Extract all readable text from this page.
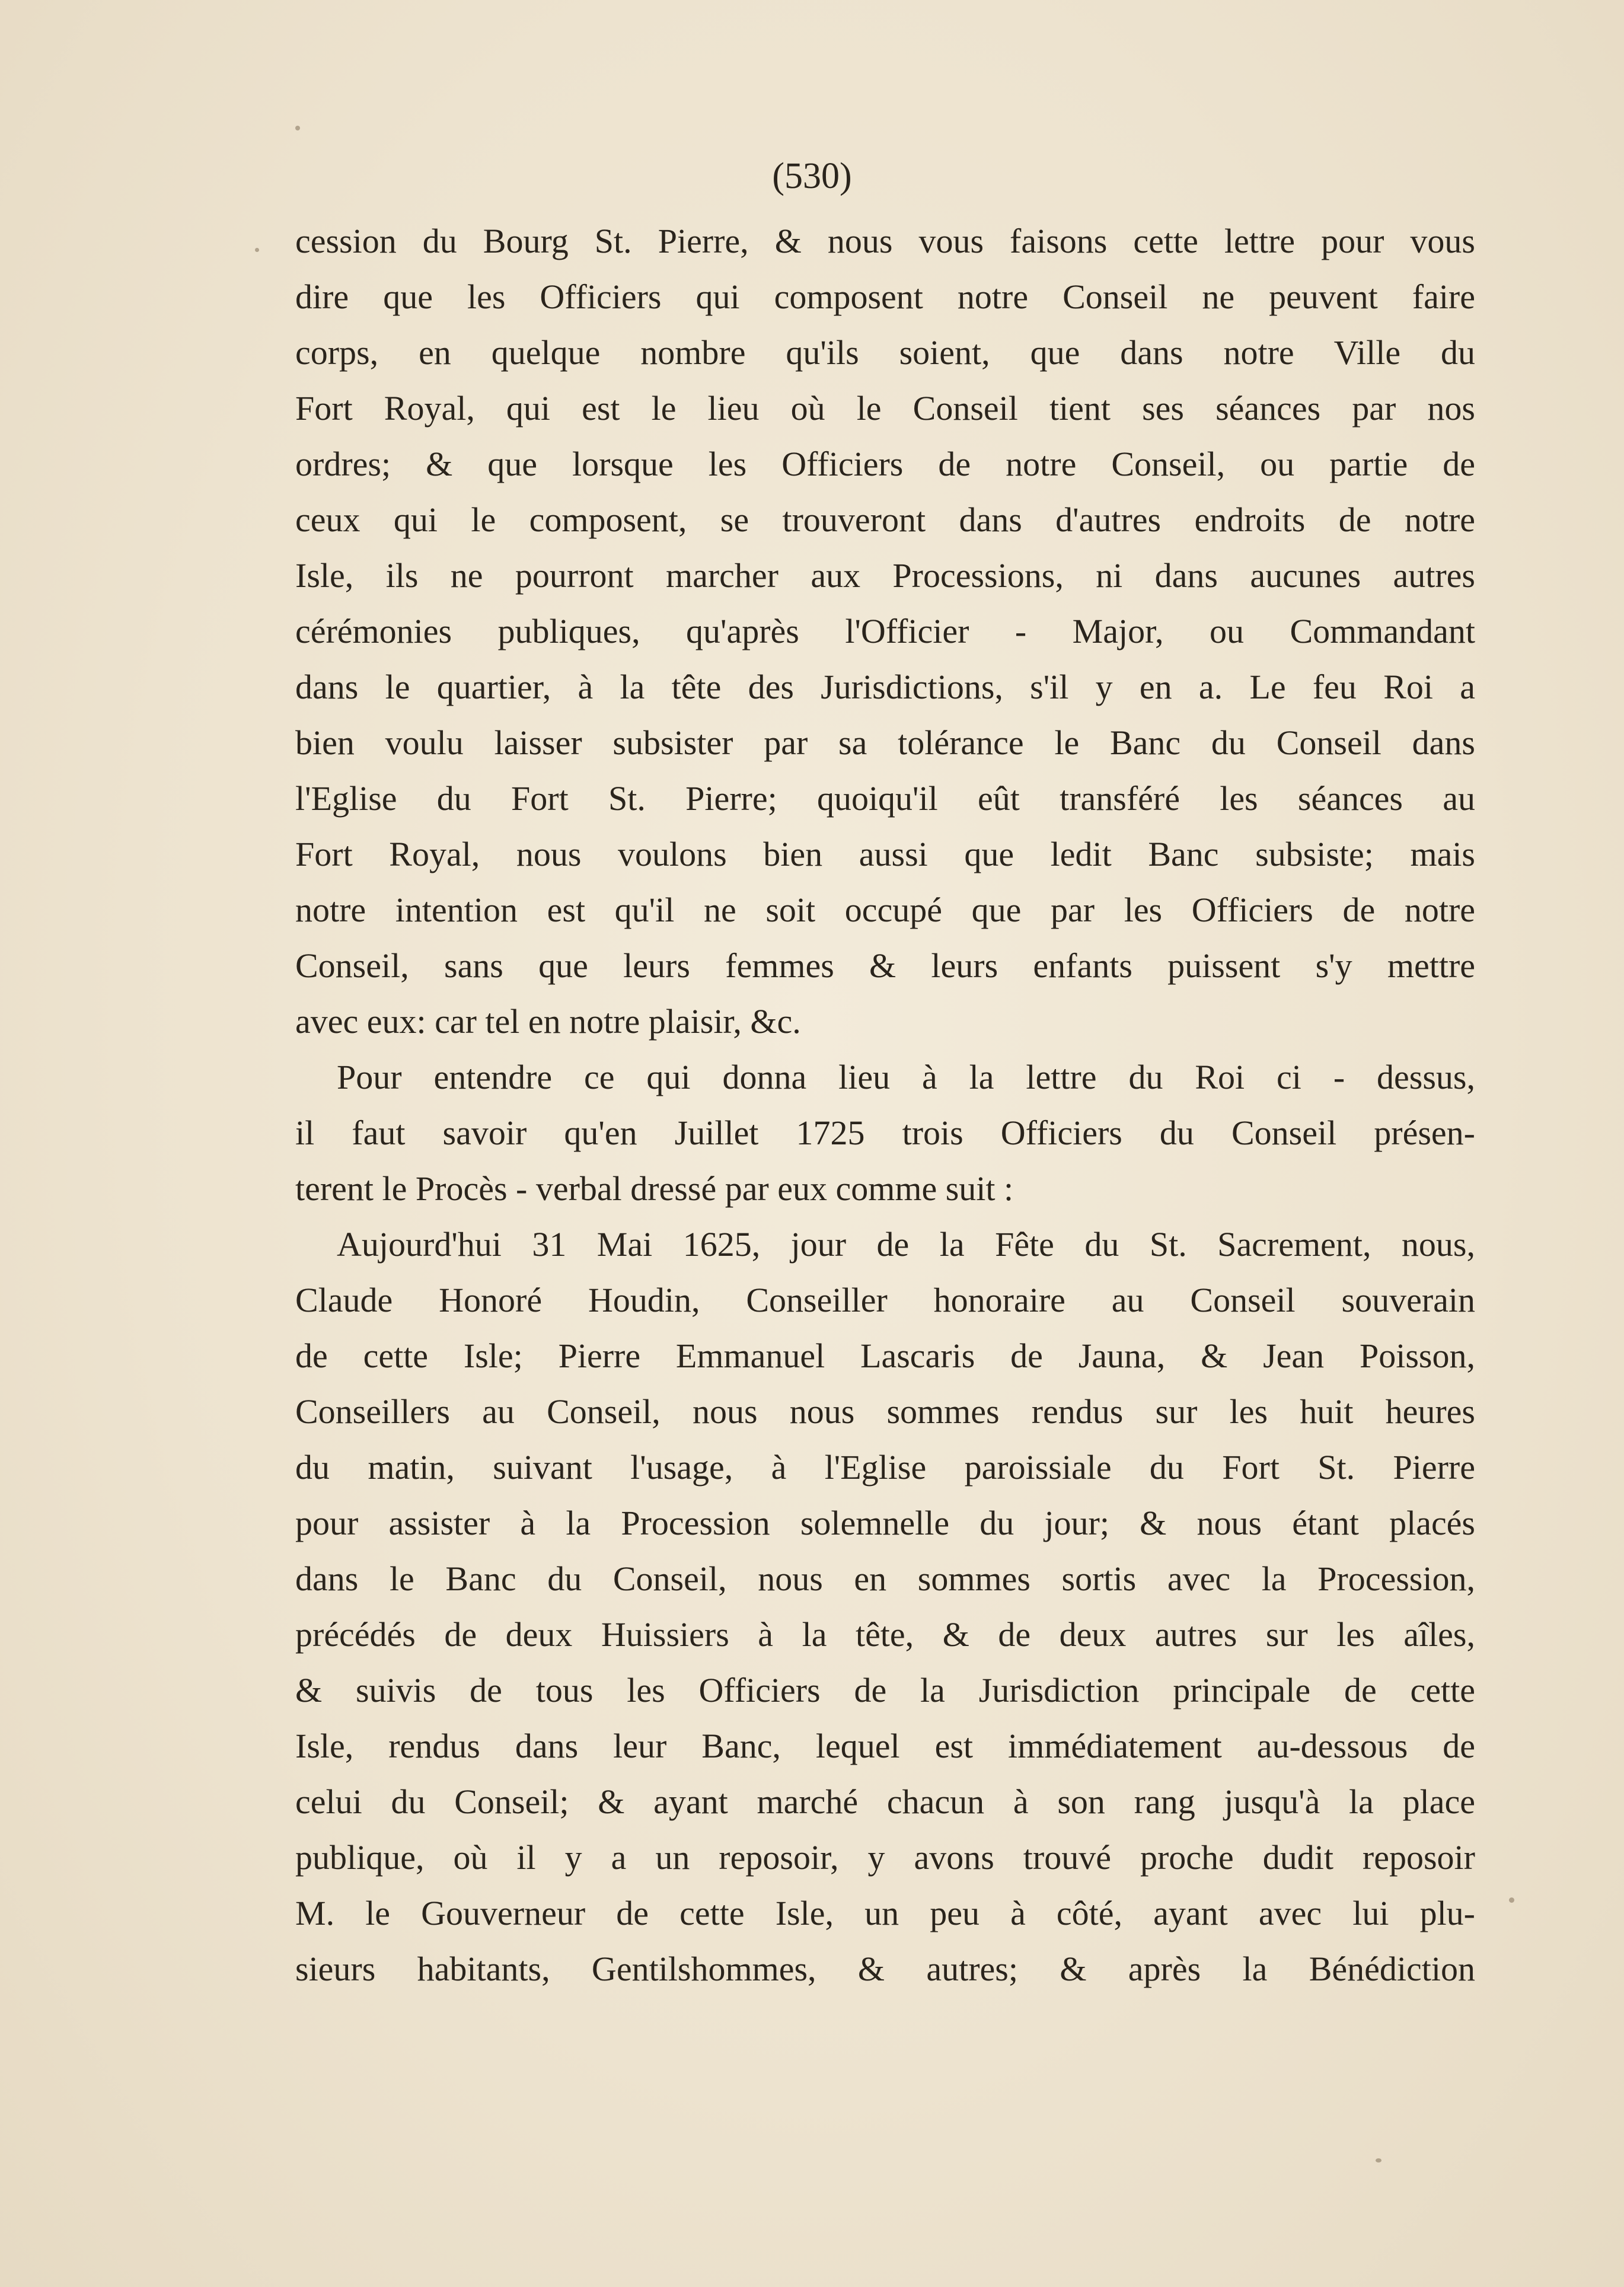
(530)
cession du Bourg St. Pierre, & nous vous faisons cette lettre pour vous
dire que les Officiers qui composent notre Conseil ne peuvent faire
corps, en quelque nombre qu'ils soient, que dans notre Ville du
Fort Royal, qui est le lieu où le Conseil tient ses séances par nos
ordres; & que lorsque les Officiers de notre Conseil, ou partie de
ceux qui le composent, se trouveront dans d'autres endroits de notre
Isle, ils ne pourront marcher aux Processions, ni dans aucunes autres
cérémonies publiques, qu'après l'Officier - Major, ou Commandant
dans le quartier, à la tête des Jurisdictions, s'il y en a. Le feu Roi a
bien voulu laisser subsister par sa tolérance le Banc du Conseil dans
l'Eglise du Fort St. Pierre; quoiqu'il eût transféré les séances au
Fort Royal, nous voulons bien aussi que ledit Banc subsiste; mais
notre intention est qu'il ne soit occupé que par les Officiers de notre
Conseil, sans que leurs femmes & leurs enfants puissent s'y mettre
avec eux: car tel en notre plaisir, &c.
Pour entendre ce qui donna lieu à la lettre du Roi ci - dessus,
il faut savoir qu'en Juillet 1725 trois Officiers du Conseil présen-
terent le Procès - verbal dressé par eux comme suit :
Aujourd'hui 31 Mai 1625, jour de la Fête du St. Sacrement, nous,
Claude Honoré Houdin, Conseiller honoraire au Conseil souverain
de cette Isle; Pierre Emmanuel Lascaris de Jauna, & Jean Poisson,
Conseillers au Conseil, nous nous sommes rendus sur les huit heures
du matin, suivant l'usage, à l'Eglise paroissiale du Fort St. Pierre
pour assister à la Procession solemnelle du jour; & nous étant placés
dans le Banc du Conseil, nous en sommes sortis avec la Procession,
précédés de deux Huissiers à la tête, & de deux autres sur les aîles,
& suivis de tous les Officiers de la Jurisdiction principale de cette
Isle, rendus dans leur Banc, lequel est immédiatement au-dessous de
celui du Conseil; & ayant marché chacun à son rang jusqu'à la place
publique, où il y a un reposoir, y avons trouvé proche dudit reposoir
M. le Gouverneur de cette Isle, un peu à côté, ayant avec lui plu-
sieurs habitants, Gentilshommes, & autres; & après la Bénédiction
